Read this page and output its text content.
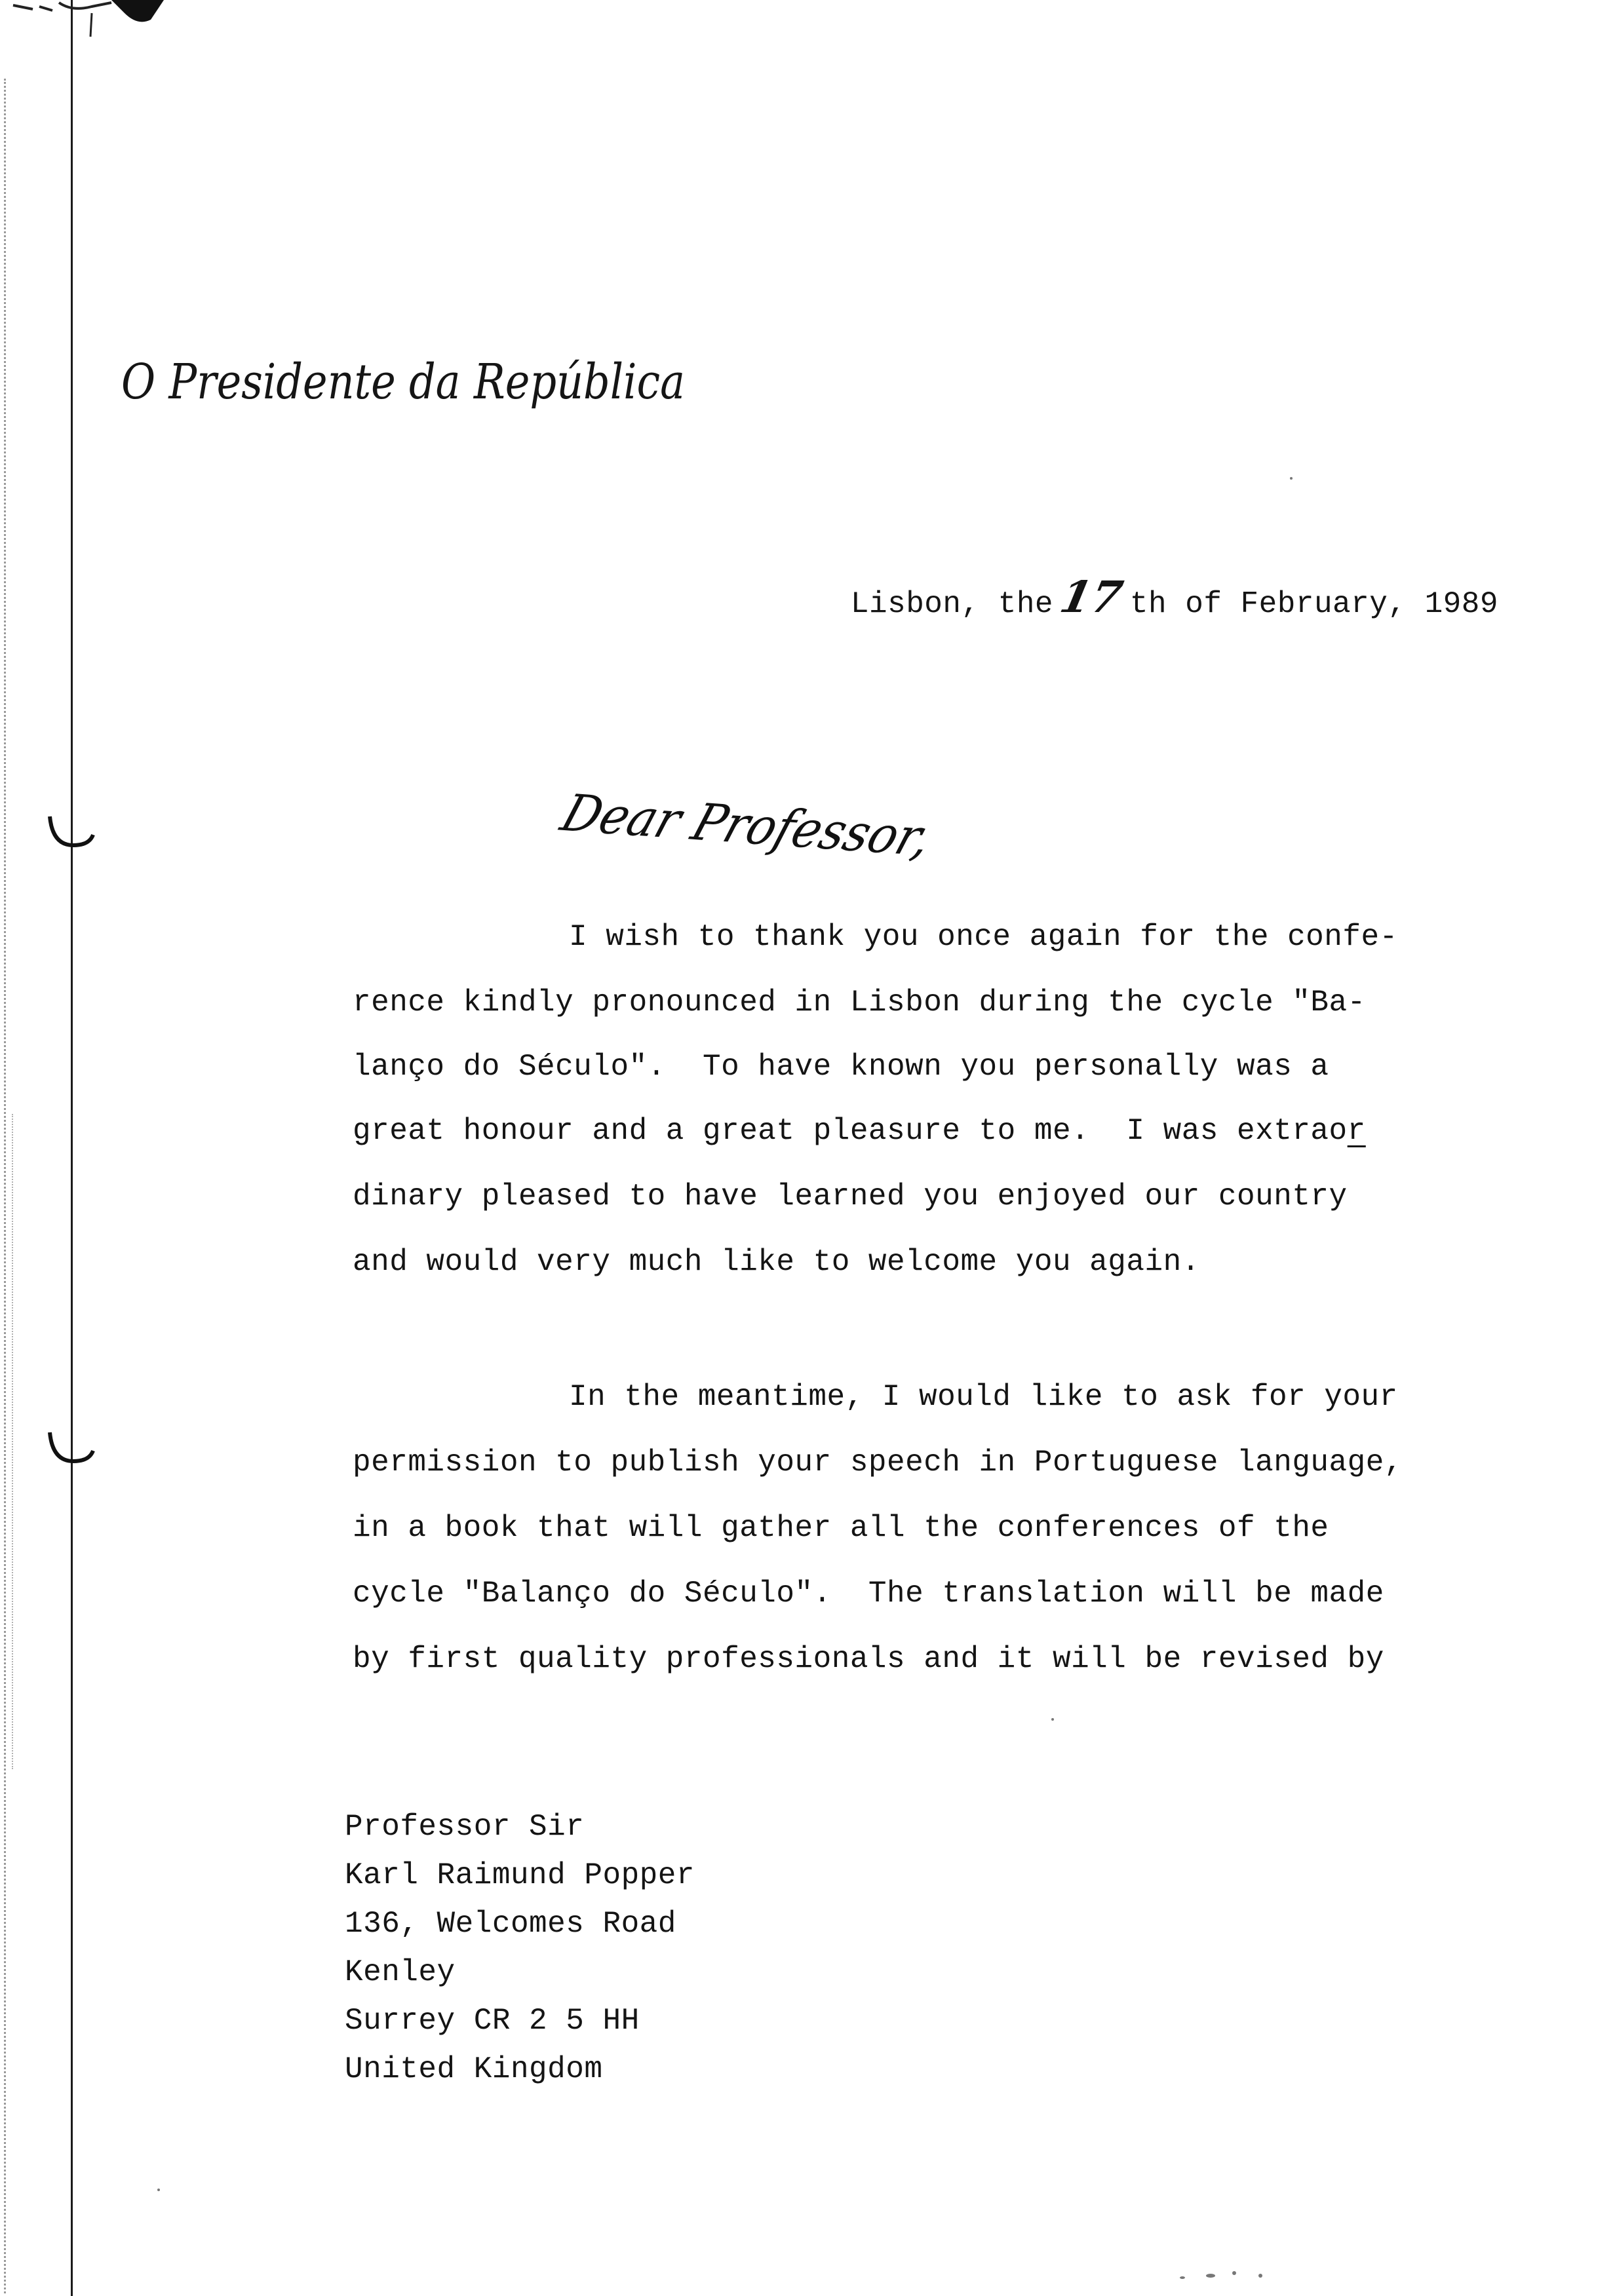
O Presidente da República
Lisbon, the 17 th of February, 1989
Dear Professor,
I wish to thank you once again for the confe-
rence kindly pronounced in Lisbon during the cycle "Ba-
lanço do Século".  To have known you personally was a
great honour and a great pleasure to me.  I was extraor
dinary pleased to have learned you enjoyed our country
and would very much like to welcome you again.
In the meantime, I would like to ask for your
permission to publish your speech in Portuguese language,
in a book that will gather all the conferences of the
cycle "Balanço do Século".  The translation will be made
by first quality professionals and it will be revised by
Professor Sir
Karl Raimund Popper
136, Welcomes Road
Kenley
Surrey CR 2 5 HH
United Kingdom
